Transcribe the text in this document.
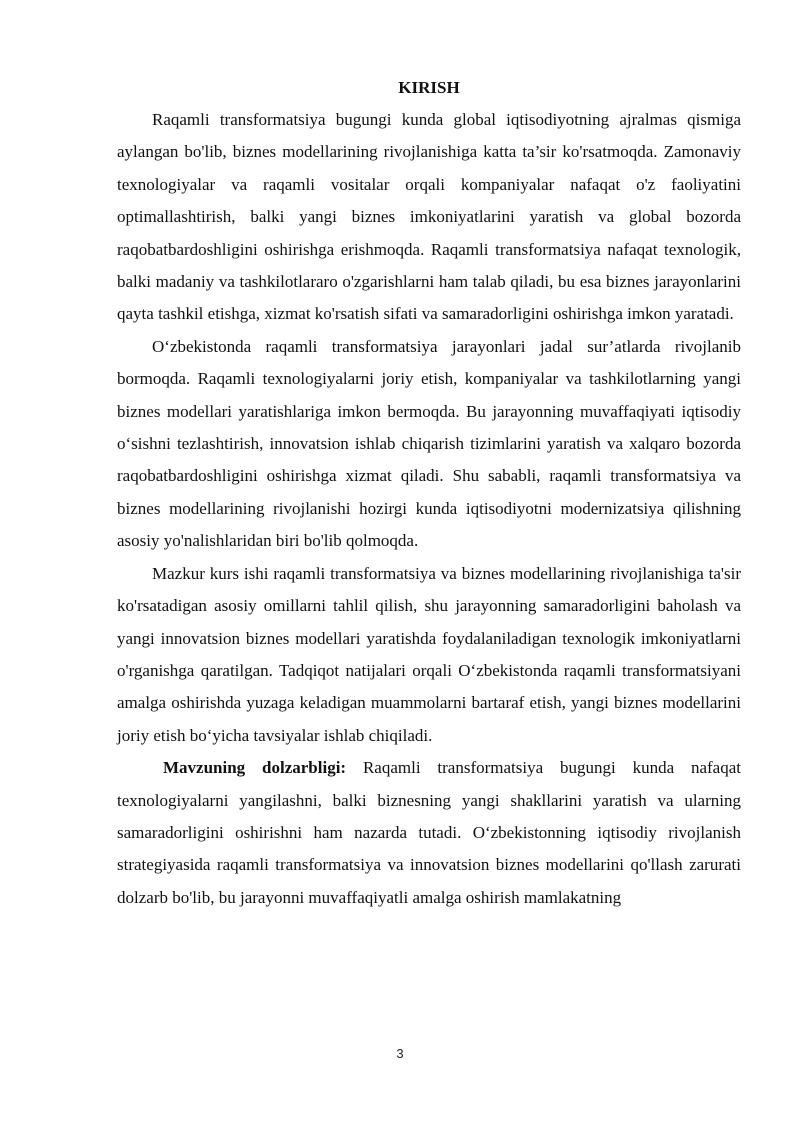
KIRISH

Raqamli transformatsiya bugungi kunda global iqtisodiyotning ajralmas qismiga aylangan bo'lib, biznes modellarining rivojlanishiga katta ta’sir ko'rsatmoqda. Zamonaviy texnologiyalar va raqamli vositalar orqali kompaniyalar nafaqat o'z faoliyatini optimallashtirish, balki yangi biznes imkoniyatlarini yaratish va global bozorda raqobatbardoshligini oshirishga erishmoqda. Raqamli transformatsiya nafaqat texnologik, balki madaniy va tashkilotlararo o'zgarishlarni ham talab qiladi, bu esa biznes jarayonlarini qayta tashkil etishga, xizmat ko'rsatish sifati va samaradorligini oshirishga imkon yaratadi.

O‘zbekistonda raqamli transformatsiya jarayonlari jadal sur’atlarda rivojlanib bormoqda. Raqamli texnologiyalarni joriy etish, kompaniyalar va tashkilotlarning yangi biznes modellari yaratishlariga imkon bermoqda. Bu jarayonning muvaffaqiyati iqtisodiy o‘sishni tezlashtirish, innovatsion ishlab chiqarish tizimlarini yaratish va xalqaro bozorda raqobatbardoshligini oshirishga xizmat qiladi. Shu sababli, raqamli transformatsiya va biznes modellarining rivojlanishi hozirgi kunda iqtisodiyotni modernizatsiya qilishning asosiy yo'nalishlaridan biri bo'lib qolmoqda.

Mazkur kurs ishi raqamli transformatsiya va biznes modellarining rivojlanishiga ta'sir ko'rsatadigan asosiy omillarni tahlil qilish, shu jarayonning samaradorligini baholash va yangi innovatsion biznes modellari yaratishda foydalaniladigan texnologik imkoniyatlarni o'rganishga qaratilgan. Tadqiqot natijalari orqali O‘zbekistonda raqamli transformatsiyani amalga oshirishda yuzaga keladigan muammolarni bartaraf etish, yangi biznes modellarini joriy etish bo‘yicha tavsiyalar ishlab chiqiladi.

Mavzuning dolzarbligi: Raqamli transformatsiya bugungi kunda nafaqat texnologiyalarni yangilashni, balki biznesning yangi shakllarini yaratish va ularning samaradorligini oshirishni ham nazarda tutadi. O‘zbekistonning iqtisodiy rivojlanish strategiyasida raqamli transformatsiya va innovatsion biznes modellarini qo'llash zarurati dolzarb bo'lib, bu jarayonni muvaffaqiyatli amalga oshirish mamlakatning

3
